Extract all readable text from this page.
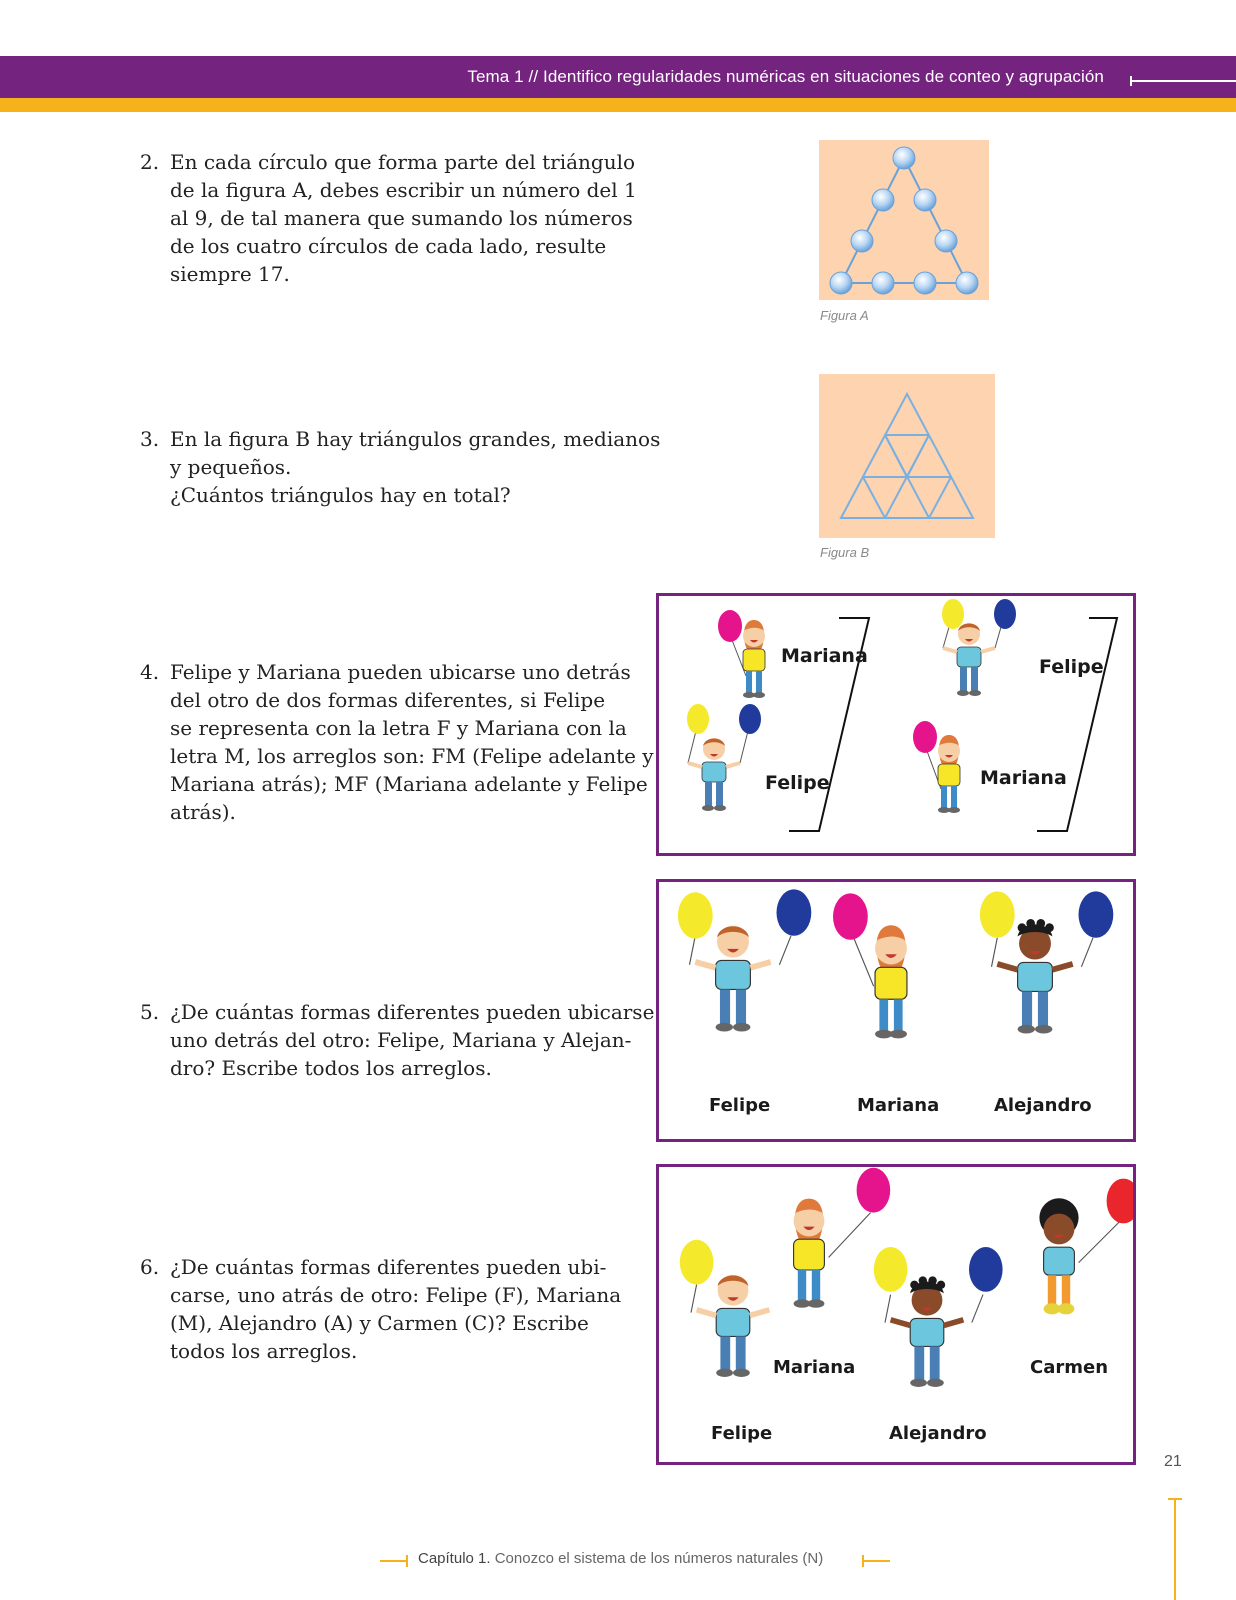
Tema 1 // Identifico regularidades numéricas en situaciones de conteo y agrupación
2. En cada círculo que forma parte del triángulo
de la figura A, debes escribir un número del 1
al 9, de tal manera que sumando los números
de los cuatro círculos de cada lado, resulte
siempre 17.
3. En la figura B hay triángulos grandes, medianos
y pequeños.
¿Cuántos triángulos hay en total?
4. Felipe y Mariana pueden ubicarse uno detrás
del otro de dos formas diferentes, si Felipe
se representa con la letra F y Mariana con la
letra M, los arreglos son: FM (Felipe adelante y
Mariana atrás); MF (Mariana adelante y Felipe
atrás).
5. ¿De cuántas formas diferentes pueden ubicarse
uno detrás del otro: Felipe, Mariana y Alejan-
dro? Escribe todos los arreglos.
6. ¿De cuántas formas diferentes pueden ubi-
carse, uno atrás de otro: Felipe (F), Mariana
(M), Alejandro (A) y Carmen (C)? Escribe
todos los arreglos.
Figura A
Figura B
Mariana
Felipe
Felipe
Mariana
Felipe	Mariana	Alejandro
Mariana	Carmen
Felipe	Alejandro
21
Capítulo 1. Conozco el sistema de los números naturales (N)
